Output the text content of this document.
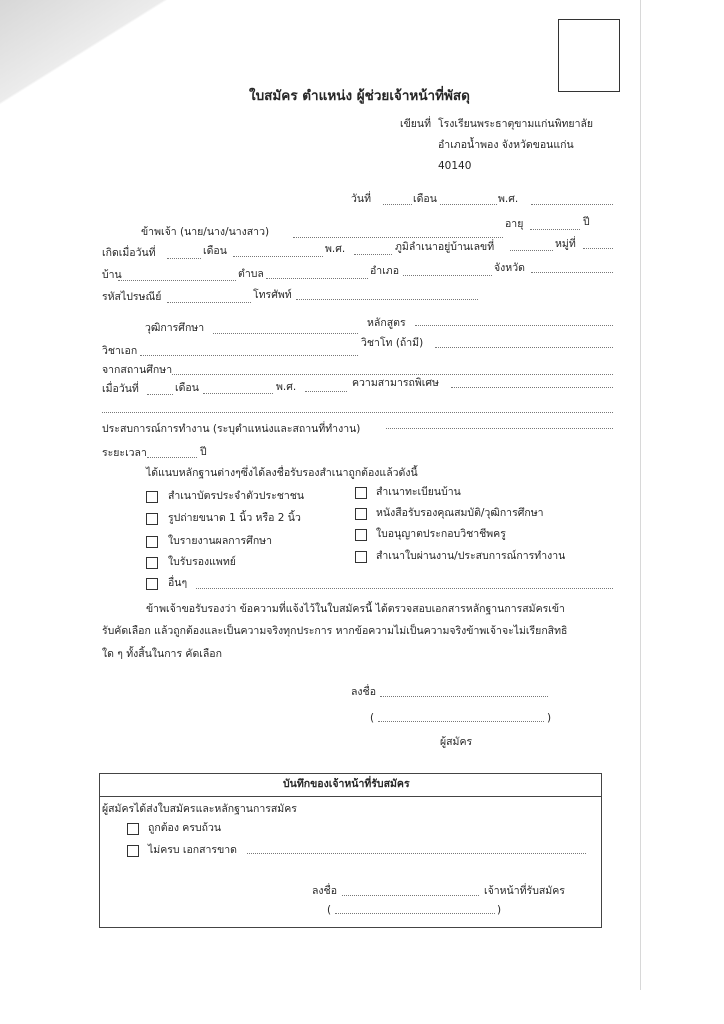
ใบสมัคร ตำแหน่ง ผู้ช่วยเจ้าหน้าที่พัสดุ
เขียนที่ โรงเรียนพระธาตุขามแก่นพิทยาลัย
อำเภอน้ำพอง จังหวัดขอนแก่น
40140
วันที่	เดือน	พ.ศ.
ข้าพเจ้า (นาย/นาง/นางสาว)
อายุ	ปี
เกิดเมื่อวันที่	เดือน	พ.ศ.	ภูมิลำเนาอยู่บ้านเลขที่	หมู่ที่
บ้าน	ตำบล	อำเภอ	จังหวัด
รหัสไปรษณีย์	โทรศัพท์
วุฒิการศึกษา	หลักสูตร
วิชาเอก
วิชาโท (ถ้ามี)
จากสถานศึกษา
เมื่อวันที่	เดือน	พ.ศ.	ความสามารถพิเศษ
ประสบการณ์การทำงาน (ระบุตำแหน่งและสถานที่ทำงาน)
ระยะเวลา	ปี
ได้แนบหลักฐานต่างๆซึ่งได้ลงชื่อรับรองสำเนาถูกต้องแล้วดังนี้
สำเนาบัตรประจำตัวประชาชน
รูปถ่ายขนาด 1 นิ้ว หรือ 2 นิ้ว
ใบรายงานผลการศึกษา
ใบรับรองแพทย์
อื่นๆ
สำเนาทะเบียนบ้าน
หนังสือรับรองคุณสมบัติ/วุฒิการศึกษา
ใบอนุญาตประกอบวิชาชีพครู
สำเนาใบผ่านงาน/ประสบการณ์การทำงาน
ข้าพเจ้าขอรับรองว่า ข้อความที่แจ้งไว้ในใบสมัครนี้ ได้ตรวจสอบเอกสารหลักฐานการสมัครเข้า
รับคัดเลือก แล้วถูกต้องและเป็นความจริงทุกประการ หากข้อความไม่เป็นความจริงข้าพเจ้าจะไม่เรียกสิทธิ
ใด ๆ ทั้งสิ้นในการ คัดเลือก
ลงชื่อ
(	)
ผู้สมัคร
บันทึกของเจ้าหน้าที่รับสมัคร
ผู้สมัครได้ส่งใบสมัครและหลักฐานการสมัคร
ถูกต้อง ครบถ้วน
ไม่ครบ เอกสารขาด
ลงชื่อ	เจ้าหน้าที่รับสมัคร
(	)
